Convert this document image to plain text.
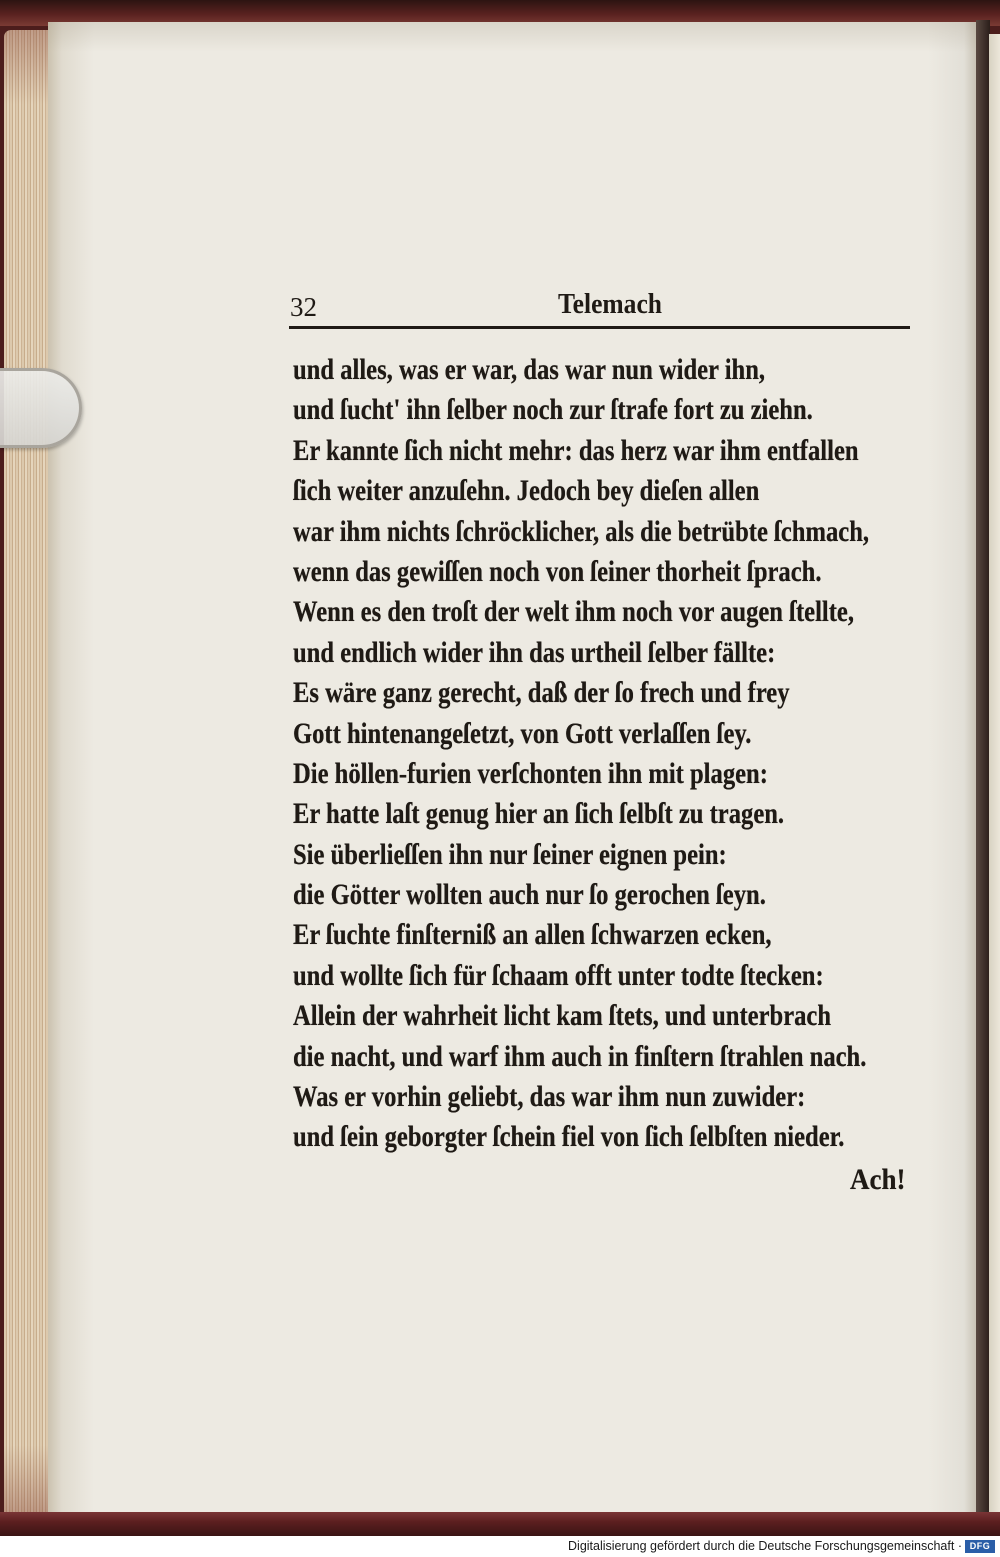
32	Telemach
und alles, was er war, das war nun wider ihn,
und ſucht' ihn ſelber noch zur ſtrafe fort zu ziehn.
Er kannte ſich nicht mehr: das herz war ihm entfallen
ſich weiter anzuſehn. Jedoch bey dieſen allen
war ihm nichts ſchröcklicher, als die betrübte ſchmach,
wenn das gewiſſen noch von ſeiner thorheit ſprach.
Wenn es den troſt der welt ihm noch vor augen ſtellte,
und endlich wider ihn das urtheil ſelber fällte:
Es wäre ganz gerecht, daß der ſo frech und frey
Gott hintenangeſetzt, von Gott verlaſſen ſey.
Die höllen-furien verſchonten ihn mit plagen:
Er hatte laſt genug hier an ſich ſelbſt zu tragen.
Sie überlieſſen ihn nur ſeiner eignen pein:
die Götter wollten auch nur ſo gerochen ſeyn.
Er ſuchte finſterniß an allen ſchwarzen ecken,
und wollte ſich für ſchaam offt unter todte ſtecken:
Allein der wahrheit licht kam ſtets, und unterbrach
die nacht, und warf ihm auch in finſtern ſtrahlen nach.
Was er vorhin geliebt, das war ihm nun zuwider:
und ſein geborgter ſchein fiel von ſich ſelbſten nieder.
Ach!
Digitalisierung gefördert durch die Deutsche Forschungsgemeinschaft · DFG
